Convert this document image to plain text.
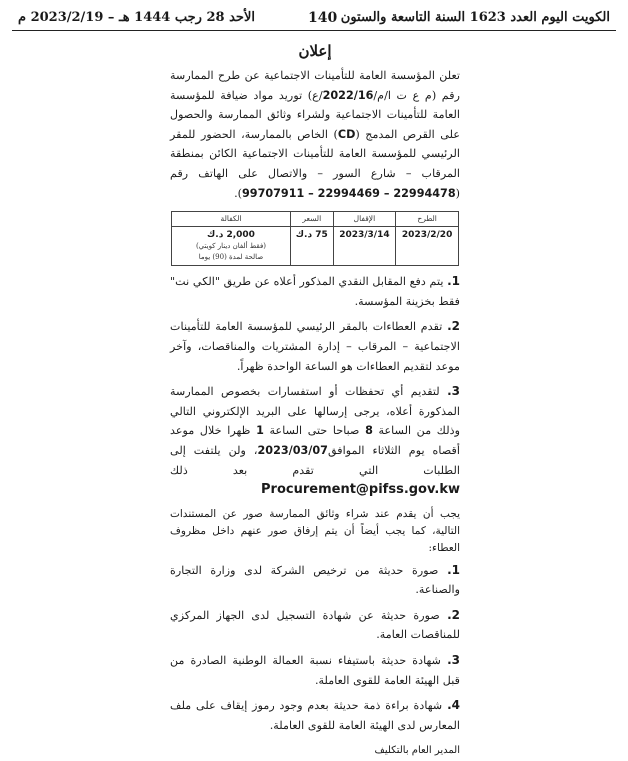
الأحد 28 رجب 1444 هـ – 2023/2/19 م	140 الكويت اليوم العدد 1623 السنة التاسعة والستون
إعلان

تعلن المؤسسة العامة للتأمينات الاجتماعية عن طرح الممارسة رقم (م ع ت ا/م/2022/16/ع) توريد مواد ضيافة للمؤسسة العامة للتأمينات الاجتماعية ولشراء وثائق الممارسة والحصول على القرص المدمج (CD) الخاص بالممارسة، الحضور للمقر الرئيسي للمؤسسة العامة للتأمينات الاجتماعية الكائن بمنطقة المرقاب – شارع السور – والاتصال على الهاتف رقم (22994478 – 22994469 – 99707911).

الطرح	الإقفال	السعر	الكفالة
2023/2/20	2023/3/14	75 د.ك	2,000 د.ك
(فقط ألفان دينار كويتي)
صالحة لمدة (90) يوما

1. يتم دفع المقابل النقدي المذكور أعلاه عن طريق "الكي نت" فقط بخزينة المؤسسة.

2. تقدم العطاءات بالمقر الرئيسي للمؤسسة العامة للتأمينات الاجتماعية – المرقاب – إدارة المشتريات والمناقصات، وآخر موعد لتقديم العطاءات هو الساعة الواحدة ظهراً.

3. لتقديم أي تحفظات أو استفسارات بخصوص الممارسة المذكورة أعلاه، يرجى إرسالها على البريد الإلكتروني التالي وذلك من الساعة 8 صباحا حتى الساعة 1 ظهرا خلال موعد أقصاه يوم الثلاثاء الموافق2023/03/07، ولن يلتفت إلى الطلبات التي تقدم بعد ذلك Procurement@pifss.gov.kw

يجب أن يقدم عند شراء وثائق الممارسة صور عن المستندات التالية، كما يجب أيضاً أن يتم إرفاق صور عنهم داخل مظروف العطاء:

1. صورة حديثة من ترخيص الشركة لدى وزارة التجارة والصناعة.

2. صورة حديثة عن شهادة التسجيل لدى الجهاز المركزي للمناقصات العامة.

3. شهادة حديثة باستيفاء نسبة العمالة الوطنية الصادرة من قبل الهيئة العامة للقوى العاملة.

4. شهادة براءة ذمة حديثة بعدم وجود رموز إيقاف على ملف المعارس لدى الهيئة العامة للقوى العاملة.

المدير العام بالتكليف
